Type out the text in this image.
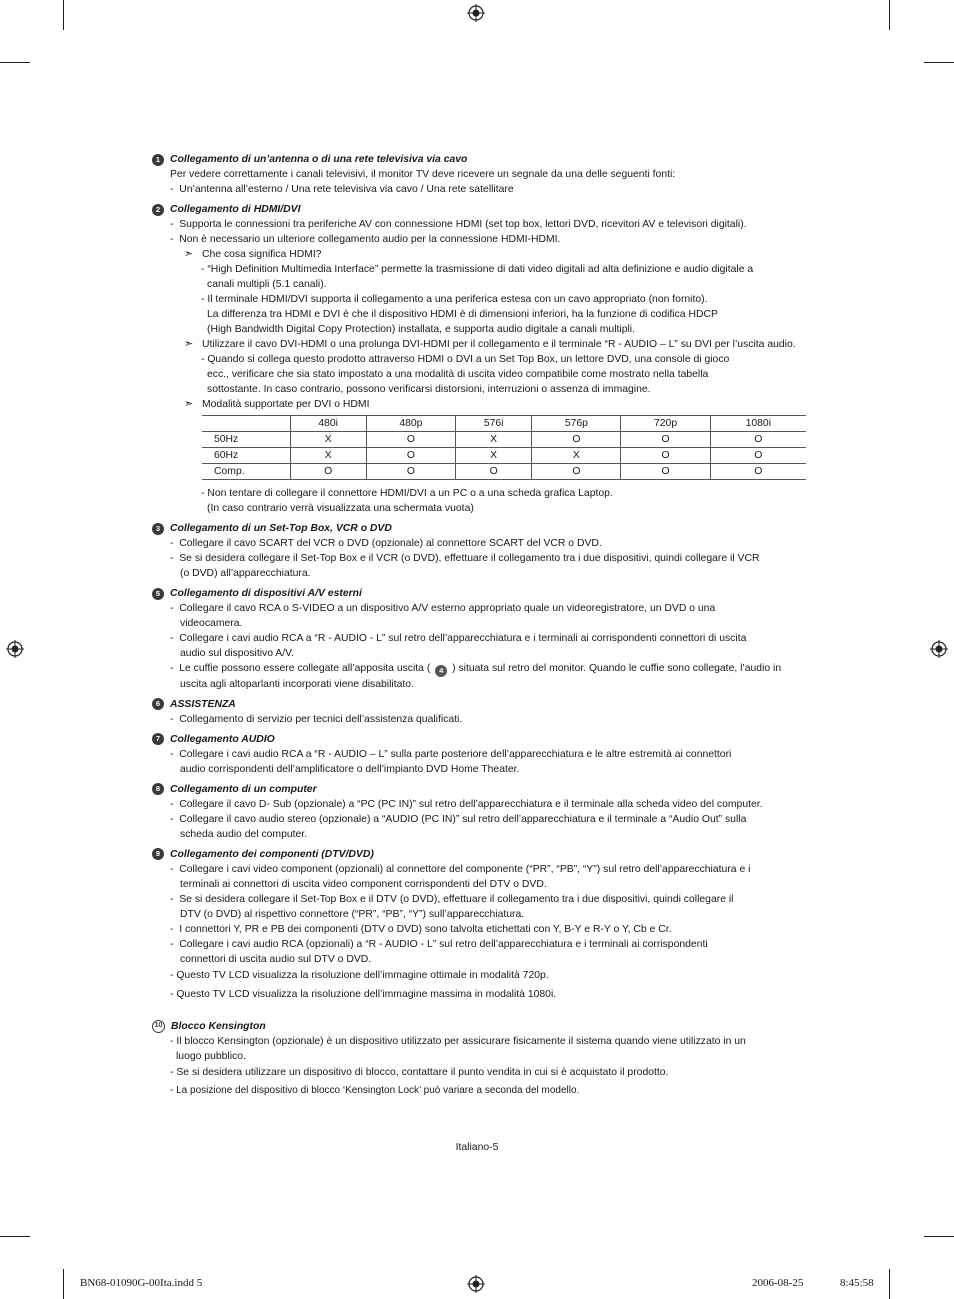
1 Collegamento di un’antenna o di una rete televisiva via cavo
Per vedere correttamente i canali televisivi, il monitor TV deve ricevere un segnale da una delle seguenti fonti:
-  Un’antenna all’esterno / Una rete televisiva via cavo / Una rete satellitare
2 Collegamento di HDMI/DVI
-  Supporta le connessioni tra periferiche AV con connessione HDMI (set top box, lettori DVD, ricevitori AV e televisori digitali).
-  Non è necessario un ulteriore collegamento audio per la connessione HDMI-HDMI.
➣ Che cosa significa HDMI?
- “High Definition Multimedia Interface” permette la trasmissione di dati video digitali ad alta definizione e audio digitale a
canali multipli (5.1 canali).
- Il terminale HDMI/DVI supporta il collegamento a una periferica estesa con un cavo appropriato (non fornito).
La differenza tra HDMI e DVI è che il dispositivo HDMI è di dimensioni inferiori, ha la funzione di codifica HDCP
(High Bandwidth Digital Copy Protection) installata, e supporta audio digitale a canali multipli.
➣ Utilizzare il cavo DVI-HDMI o una prolunga DVI-HDMI per il collegamento e il terminale “R - AUDIO – L” su DVI per l’uscita audio.
- Quando si collega questo prodotto attraverso HDMI o DVI a un Set Top Box, un lettore DVD, una console di gioco
ecc., verificare che sia stato impostato a una modalità di uscita video compatibile come mostrato nella tabella
sottostante. In caso contrario, possono verificarsi distorsioni, interruzioni o assenza di immagine.
➣ Modalità supportate per DVI o HDMI
	480i	480p	576i	576p	720p	1080i
50Hz	X	O	X	O	O	O
60Hz	X	O	X	X	O	O
Comp.	O	O	O	O	O	O
- Non tentare di collegare il connettore HDMI/DVI a un PC o a una scheda grafica Laptop.
(In caso contrario verrà visualizzata una schermata vuota)
3 Collegamento di un Set-Top Box, VCR o DVD
-  Collegare il cavo SCART del VCR o DVD (opzionale) al connettore SCART del VCR o DVD.
-  Se si desidera collegare il Set-Top Box e il VCR (o DVD), effettuare il collegamento tra i due dispositivi, quindi collegare il VCR
(o DVD) all’apparecchiatura.
5 Collegamento di dispositivi A/V esterni
-  Collegare il cavo RCA o S-VIDEO a un dispositivo A/V esterno appropriato quale un videoregistratore, un DVD o una
videocamera.
-  Collegare i cavi audio RCA a “R - AUDIO - L” sul retro dell’apparecchiatura e i terminali ai corrispondenti connettori di uscita
audio sul dispositivo A/V.
-  Le cuffie possono essere collegate all’apposita uscita ( 4 ) situata sul retro del monitor. Quando le cuffie sono collegate, l’audio in
uscita agli altoparlanti incorporati viene disabilitato.
6 ASSISTENZA
-  Collegamento di servizio per tecnici dell’assistenza qualificati.
7 Collegamento AUDIO
-  Collegare i cavi audio RCA a “R - AUDIO – L” sulla parte posteriore dell’apparecchiatura e le altre estremità ai connettori
audio corrispondenti dell’amplificatore o dell’impianto DVD Home Theater.
8 Collegamento di un computer
-  Collegare il cavo D- Sub (opzionale) a “PC (PC IN)” sul retro dell’apparecchiatura e il terminale alla scheda video del computer.
-  Collegare il cavo audio stereo (opzionale) a “AUDIO (PC IN)” sul retro dell’apparecchiatura e il terminale a “Audio Out” sulla
scheda audio del computer.
9 Collegamento dei componenti (DTV/DVD)
-  Collegare i cavi video component (opzionali) al connettore del componente (“PR”, “PB”, “Y”) sul retro dell’apparecchiatura e i
terminali ai connettori di uscita video component corrispondenti del DTV o DVD.
-  Se si desidera collegare il Set-Top Box e il DTV (o DVD), effettuare il collegamento tra i due dispositivi, quindi collegare il
DTV (o DVD) al rispettivo connettore (“PR”, “PB”, “Y”) sull’apparecchiatura.
-  I connettori Y, PR e PB dei componenti (DTV o DVD) sono talvolta etichettati con Y, B-Y e R-Y o Y, Cb e Cr.
-  Collegare i cavi audio RCA (opzionali) a “R - AUDIO - L” sul retro dell’apparecchiatura e i terminali ai corrispondenti
connettori di uscita audio sul DTV o DVD.
- Questo TV LCD visualizza la risoluzione dell’immagine ottimale in modalità 720p.
- Questo TV LCD visualizza la risoluzione dell’immagine massima in modalità 1080i.
10 Blocco Kensington
- Il blocco Kensington (opzionale) è un dispositivo utilizzato per assicurare fisicamente il sistema quando viene utilizzato in un
luogo pubblico.
- Se si desidera utilizzare un dispositivo di blocco, contattare il punto vendita in cui si è acquistato il prodotto.
- La posizione del dispositivo di blocco ‘Kensington Lock’ può variare a seconda del modello.
Italiano-5
BN68-01090G-00Ita.indd 5	2006-08-25	8:45:58
